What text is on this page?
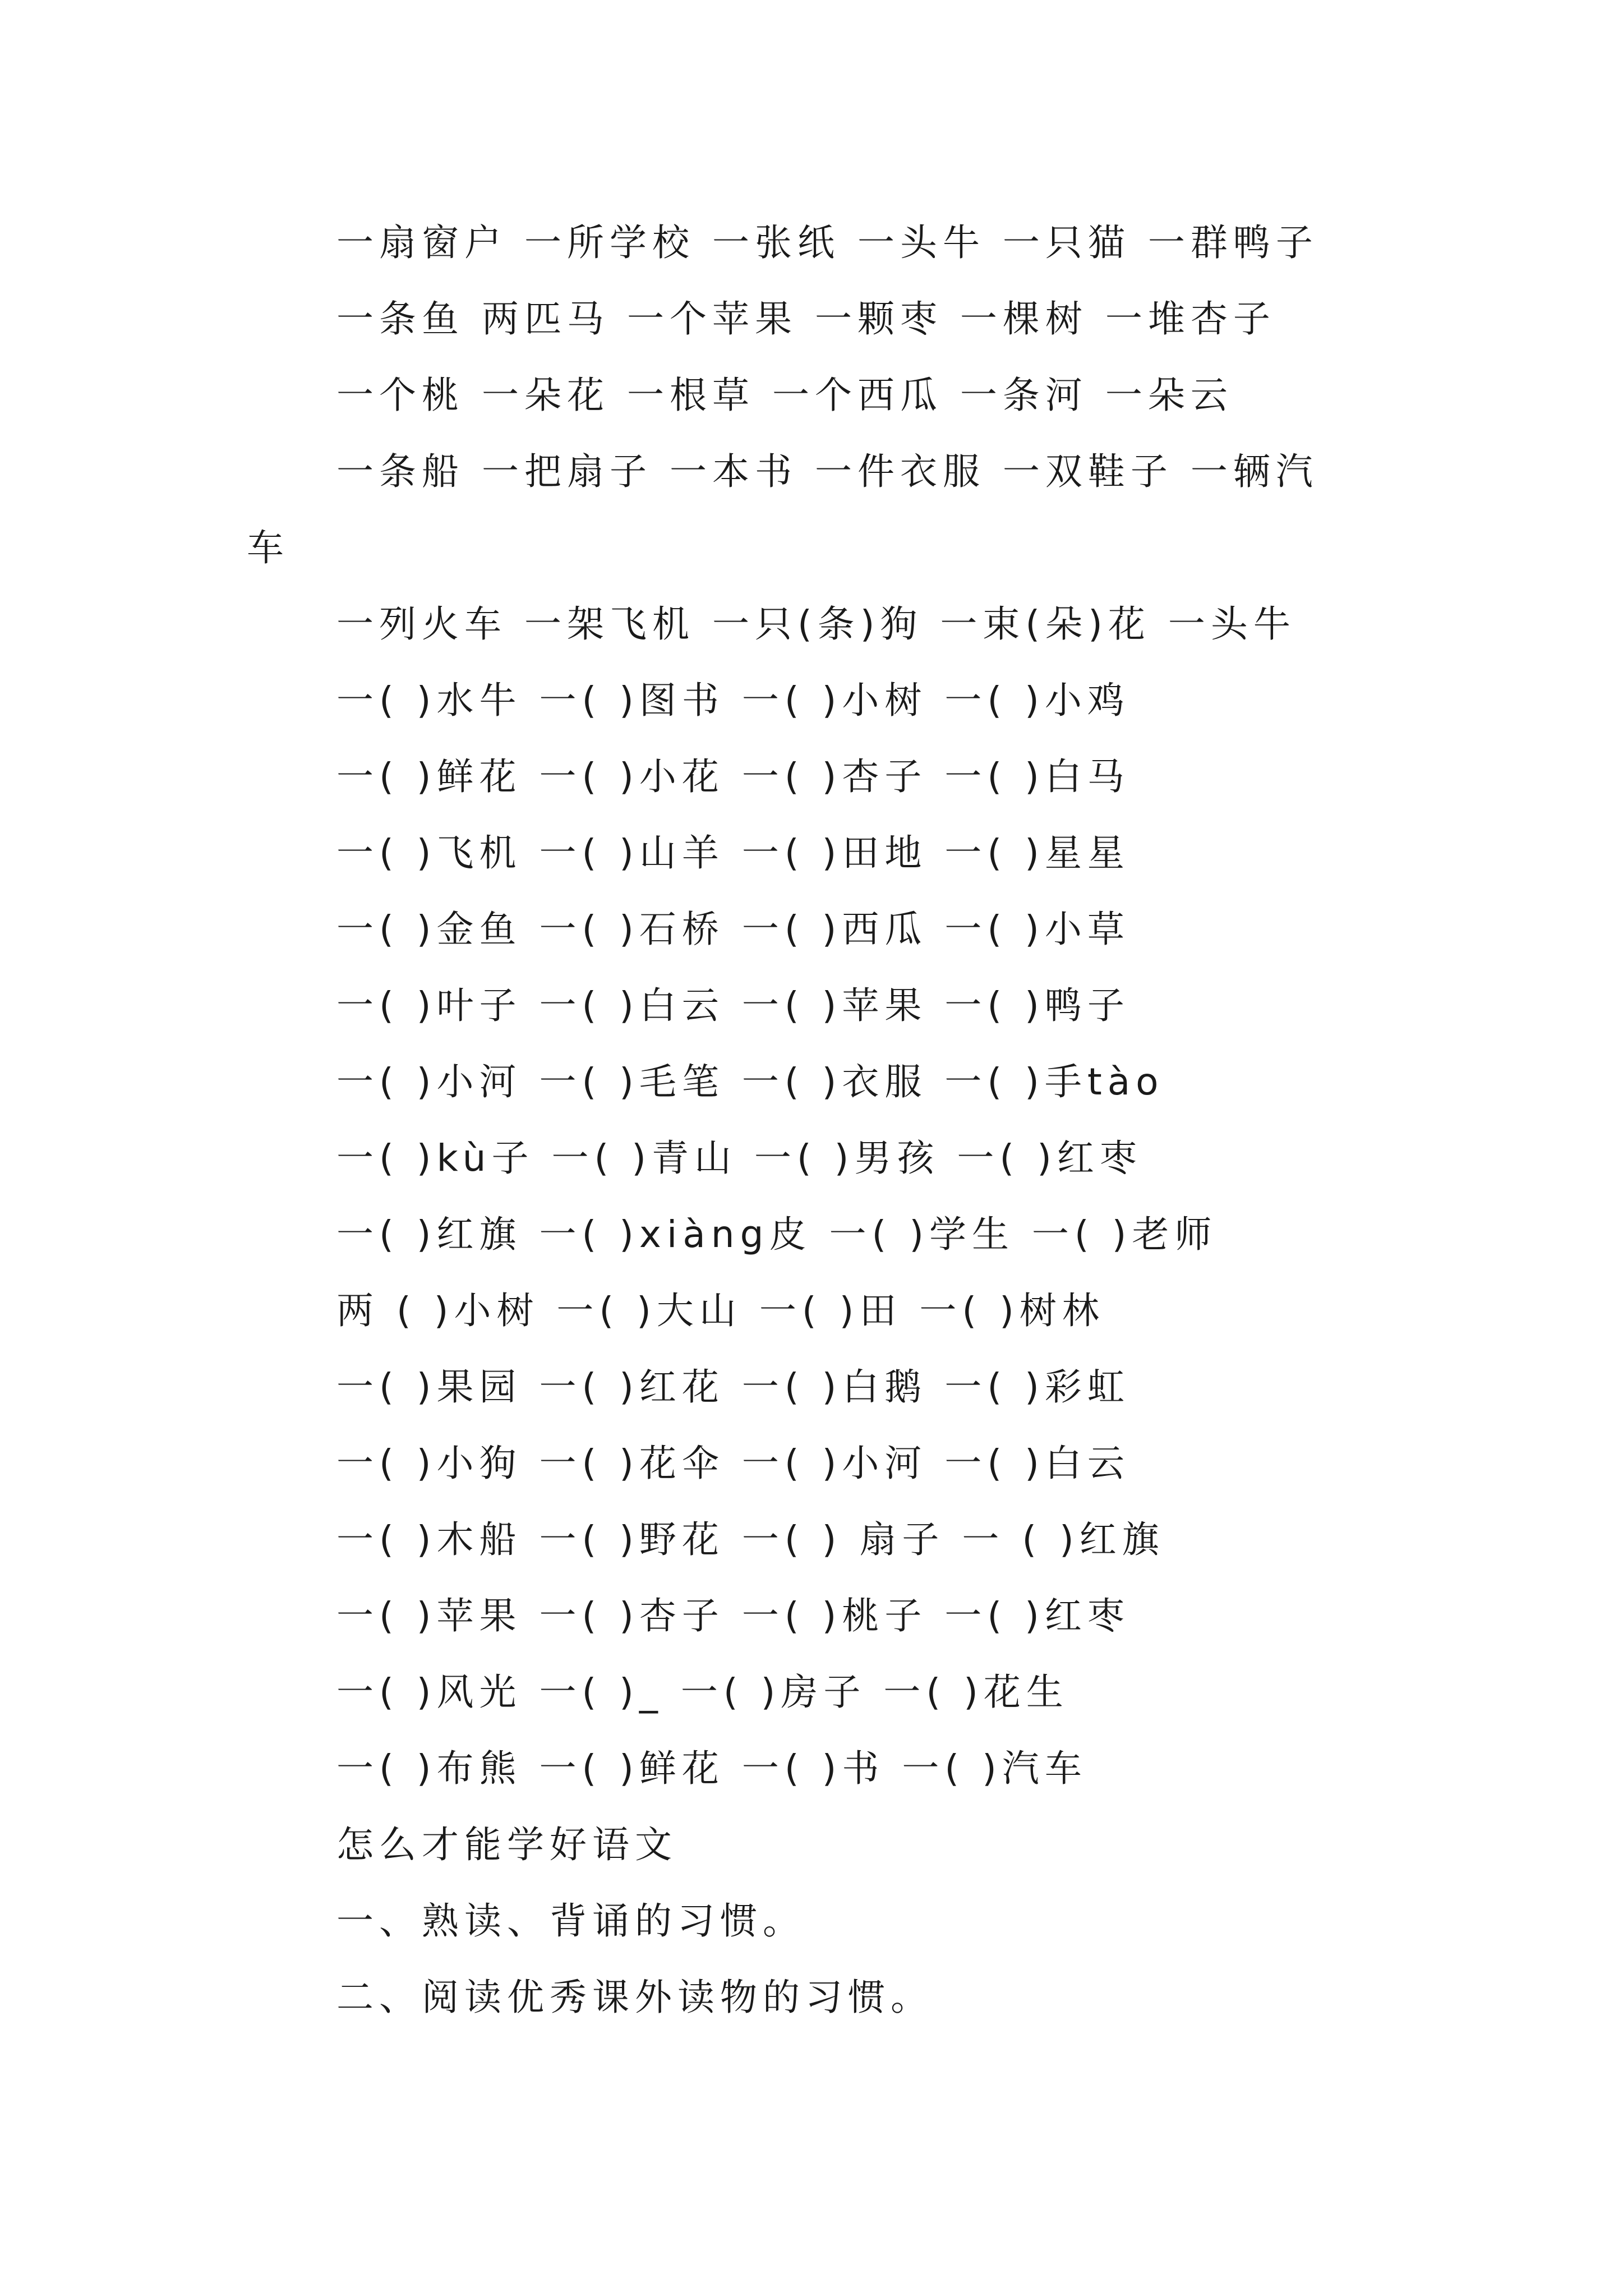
一扇窗户 一所学校 一张纸 一头牛 一只猫 一群鸭子
一条鱼 两匹马 一个苹果 一颗枣 一棵树 一堆杏子
一个桃 一朵花 一根草 一个西瓜 一条河 一朵云
一条船 一把扇子 一本书 一件衣服 一双鞋子 一辆汽
车
一列火车 一架飞机 一只(条)狗 一束(朵)花 一头牛
一( )水牛 一( )图书 一( )小树 一( )小鸡
一( )鲜花 一( )小花 一( )杏子 一( )白马
一( )飞机 一( )山羊 一( )田地 一( )星星
一( )金鱼 一( )石桥 一( )西瓜 一( )小草
一( )叶子 一( )白云 一( )苹果 一( )鸭子
一( )小河 一( )毛笔 一( )衣服 一( )手tào
一( )kù子 一( )青山 一( )男孩 一( )红枣
一( )红旗 一( )xiàng皮 一( )学生 一( )老师
两 ( )小树 一( )大山 一( )田 一( )树林
一( )果园 一( )红花 一( )白鹅 一( )彩虹
一( )小狗 一( )花伞 一( )小河 一( )白云
一( )木船 一( )野花 一( ) 扇子 一 ( )红旗
一( )苹果 一( )杏子 一( )桃子 一( )红枣
一( )风光 一( )_ 一( )房子 一( )花生
一( )布熊 一( )鲜花 一( )书 一( )汽车
怎么才能学好语文
一、熟读、背诵的习惯。
二、阅读优秀课外读物的习惯。
